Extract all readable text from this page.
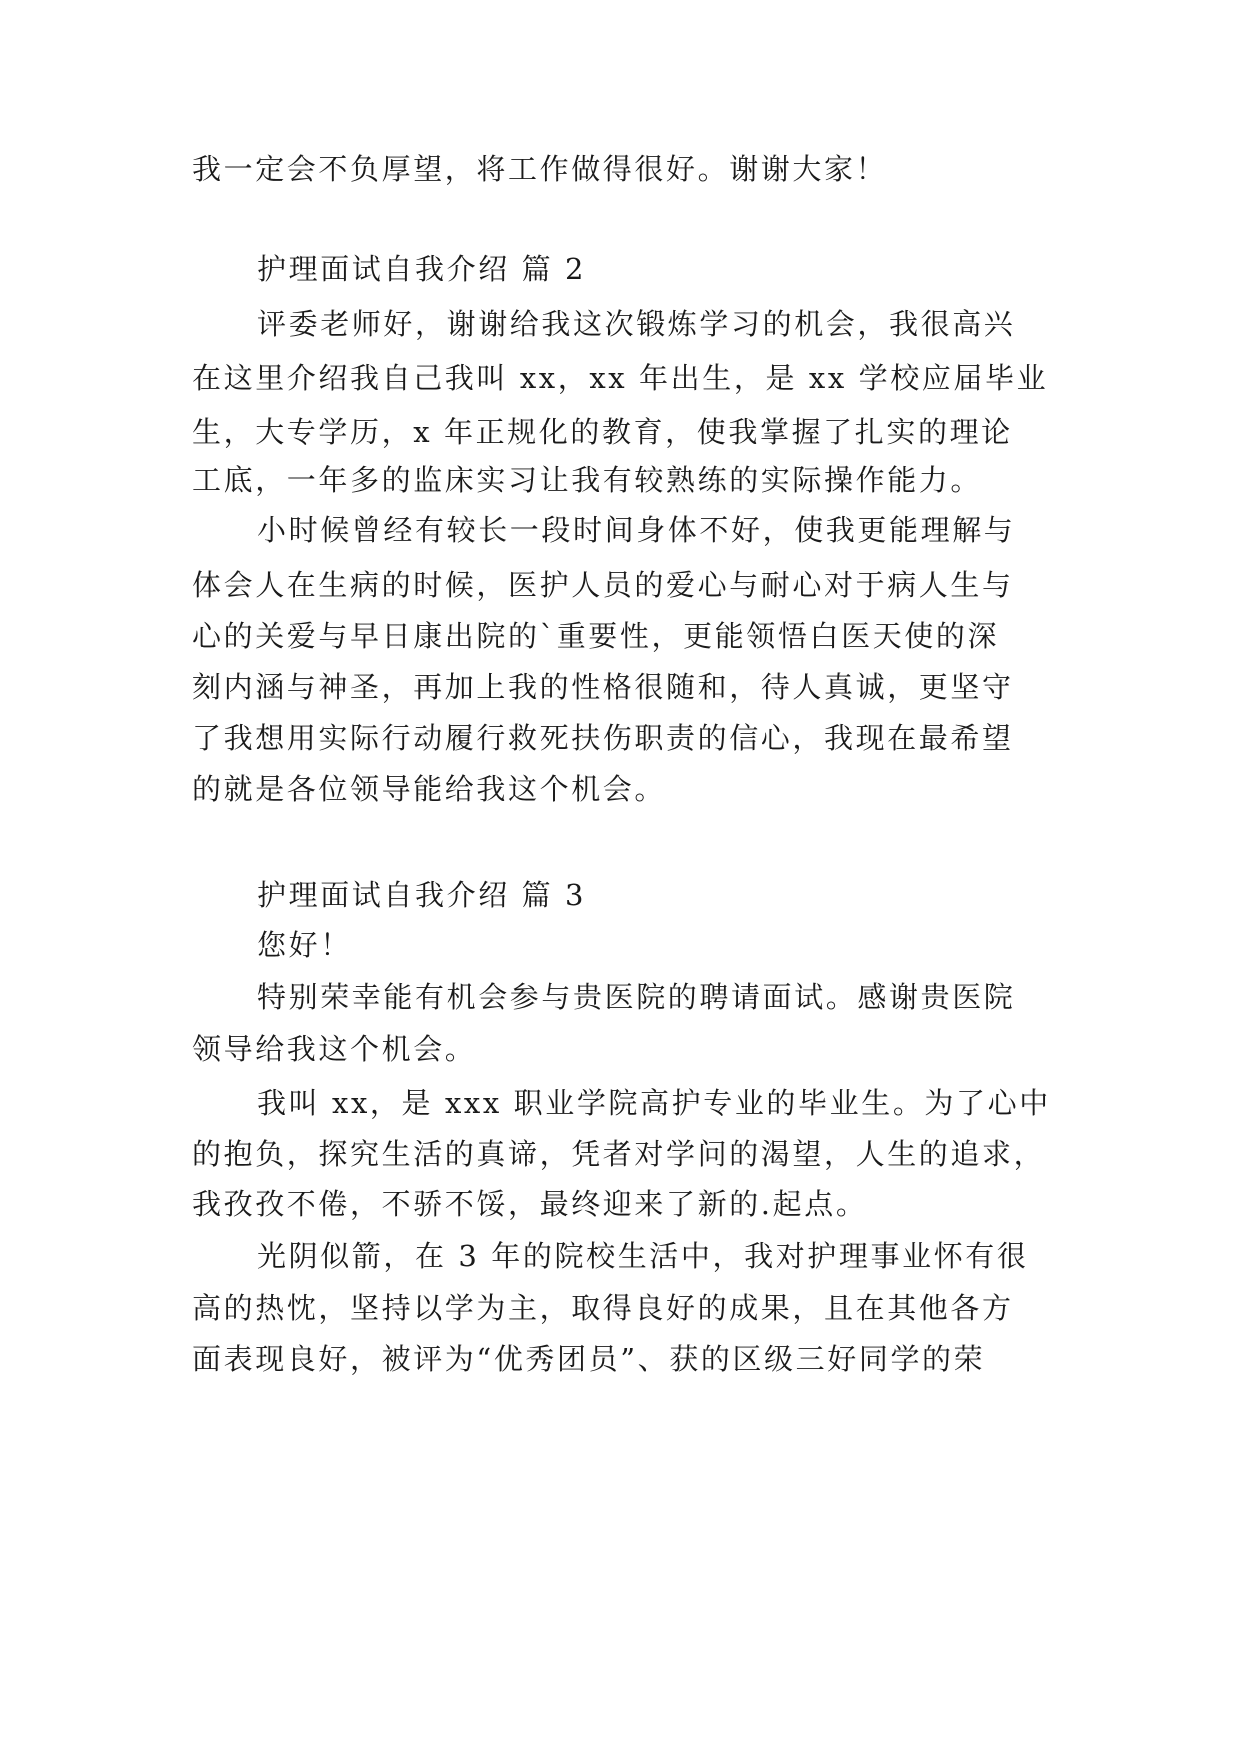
我一定会不负厚望，将工作做得很好。谢谢大家！
护理面试自我介绍 篇 2
评委老师好，谢谢给我这次锻炼学习的机会，我很高兴
在这里介绍我自己我叫 xx，xx 年出生，是 xx 学校应届毕业
生，大专学历，x 年正规化的教育，使我掌握了扎实的理论
工底，一年多的监床实习让我有较熟练的实际操作能力。
小时候曾经有较长一段时间身体不好，使我更能理解与
体会人在生病的时候，医护人员的爱心与耐心对于病人生与
心的关爱与早日康出院的`重要性，更能领悟白医天使的深
刻内涵与神圣，再加上我的性格很随和，待人真诚，更坚守
了我想用实际行动履行救死扶伤职责的信心，我现在最希望
的就是各位领导能给我这个机会。
护理面试自我介绍 篇 3
您好！
特别荣幸能有机会参与贵医院的聘请面试。感谢贵医院
领导给我这个机会。
我叫 xx，是 xxx 职业学院高护专业的毕业生。为了心中
的抱负，探究生活的真谛，凭者对学问的渴望，人生的追求，
我孜孜不倦，不骄不馁，最终迎来了新的.起点。
光阴似箭，在 3 年的院校生活中，我对护理事业怀有很
高的热忱，坚持以学为主，取得良好的成果，且在其他各方
面表现良好，被评为“优秀团员”、获的区级三好同学的荣
